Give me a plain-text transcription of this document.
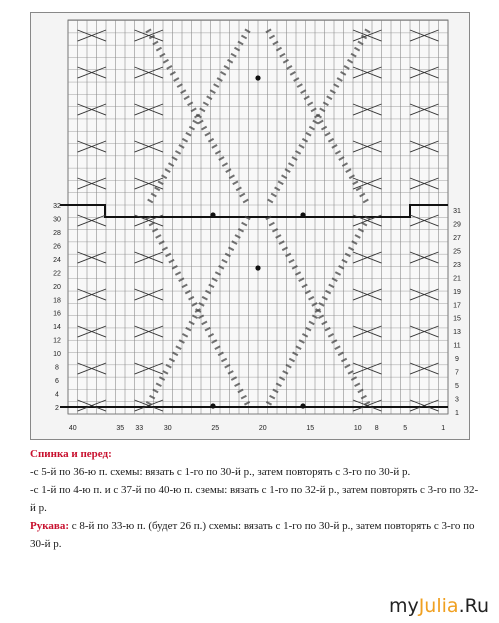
32
30
28
26
24
22
20
18
16
14
12
10
8
6
4
2
31
29
27
25
23
21
19
17
15
13
11
9
7
5
3
1
40	35 33	30	25	20	15	10 8	5	1

Спинка и перед:

-с 5-й по 36-ю п. схемы: вязать с 1-го по 30-й р., затем повторять с 3-го по 30-й р.

-с 1-й по 4-ю п. и с 37-й по 40-ю п. сземы: вязать с 1-го по 32-й р., затем повторять с 3-го по 32-й р.

Рукава: с 8-й по 33-ю п. (будет 26 п.) схемы: вязать с 1-го по 30-й р., затем повторять с 3-го по 30-й р.

myJulia.Ru
